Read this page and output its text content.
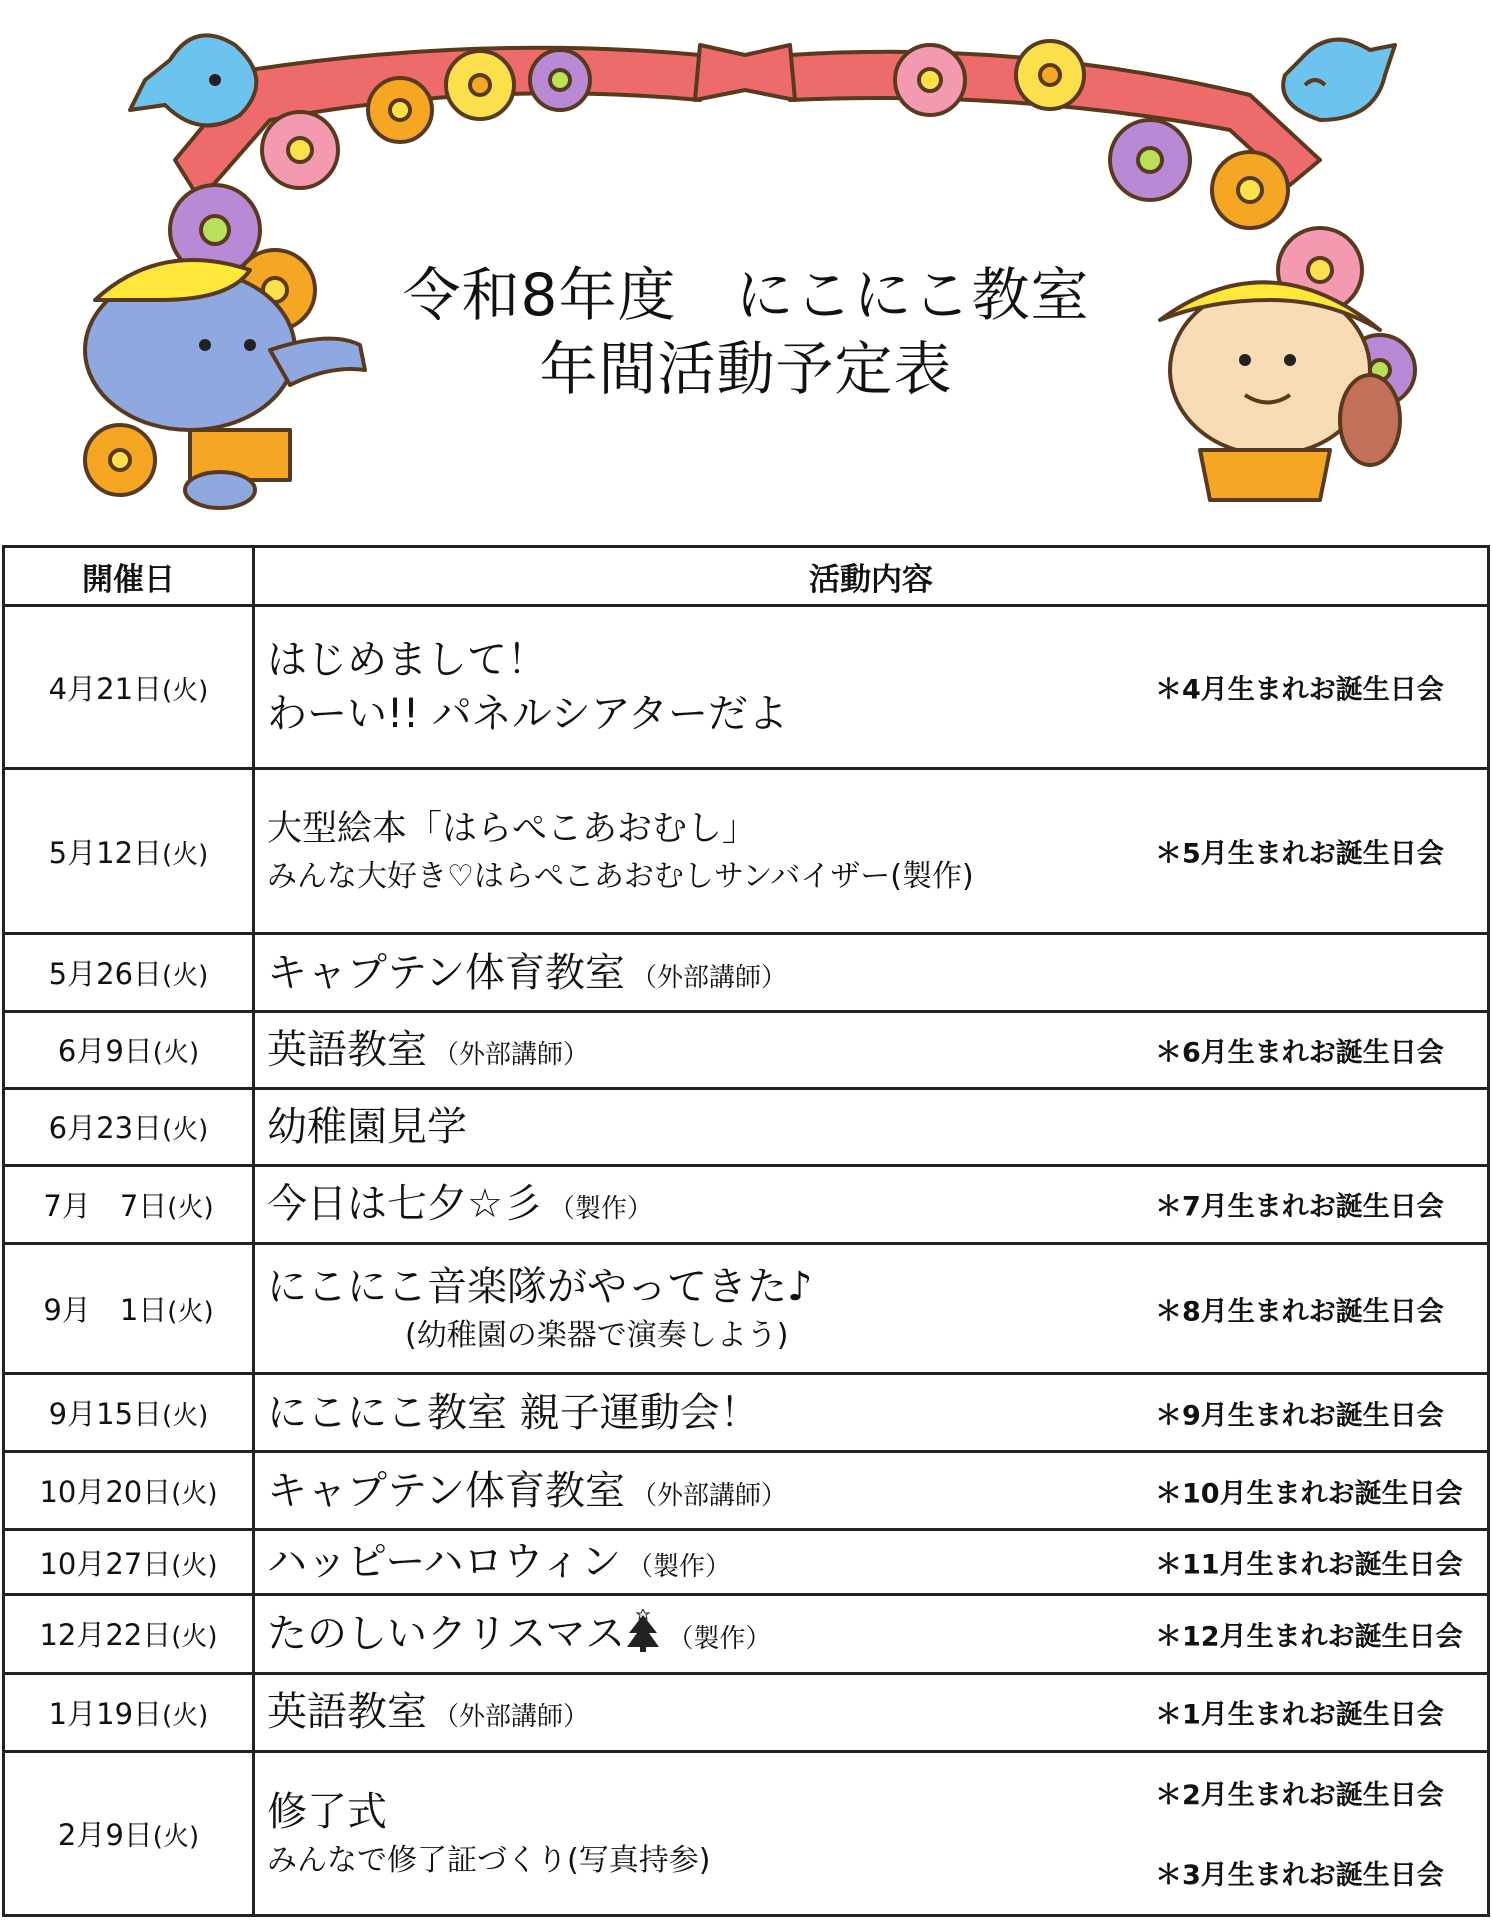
令和8年度　にこにこ教室
年間活動予定表
開催日	活動内容
4月21日(火)	はじめまして！
わーい!! パネルシアターだよ
＊4月生まれお誕生日会

5月12日(火)	大型絵本「はらぺこあおむし」
みんな大好き♡はらぺこあおむしサンバイザー(製作)
＊5月生まれお誕生日会

5月26日(火)	キャプテン体育教室 （外部講師）
6月9日(火)	英語教室 （外部講師） ＊6月生まれお誕生日会

6月23日(火)	幼稚園見学
7月　7日(火)	今日は七夕☆彡 （製作） ＊7月生まれお誕生日会

9月　1日(火)	にこにこ音楽隊がやってきた♪
(幼稚園の楽器で演奏しよう)
＊8月生まれお誕生日会

9月15日(火)	にこにこ教室 親子運動会！ ＊9月生まれお誕生日会

10月20日(火)	キャプテン体育教室 （外部講師） ＊10月生まれお誕生日会

10月27日(火)	ハッピーハロウィン （製作） ＊11月生まれお誕生日会

12月22日(火)	たのしいクリスマス （製作） ＊12月生まれお誕生日会

1月19日(火)	英語教室 （外部講師） ＊1月生まれお誕生日会

2月9日(火)	修了式
みんなで修了証づくり(写真持参)
＊2月生まれお誕生日会
＊3月生まれお誕生日会
